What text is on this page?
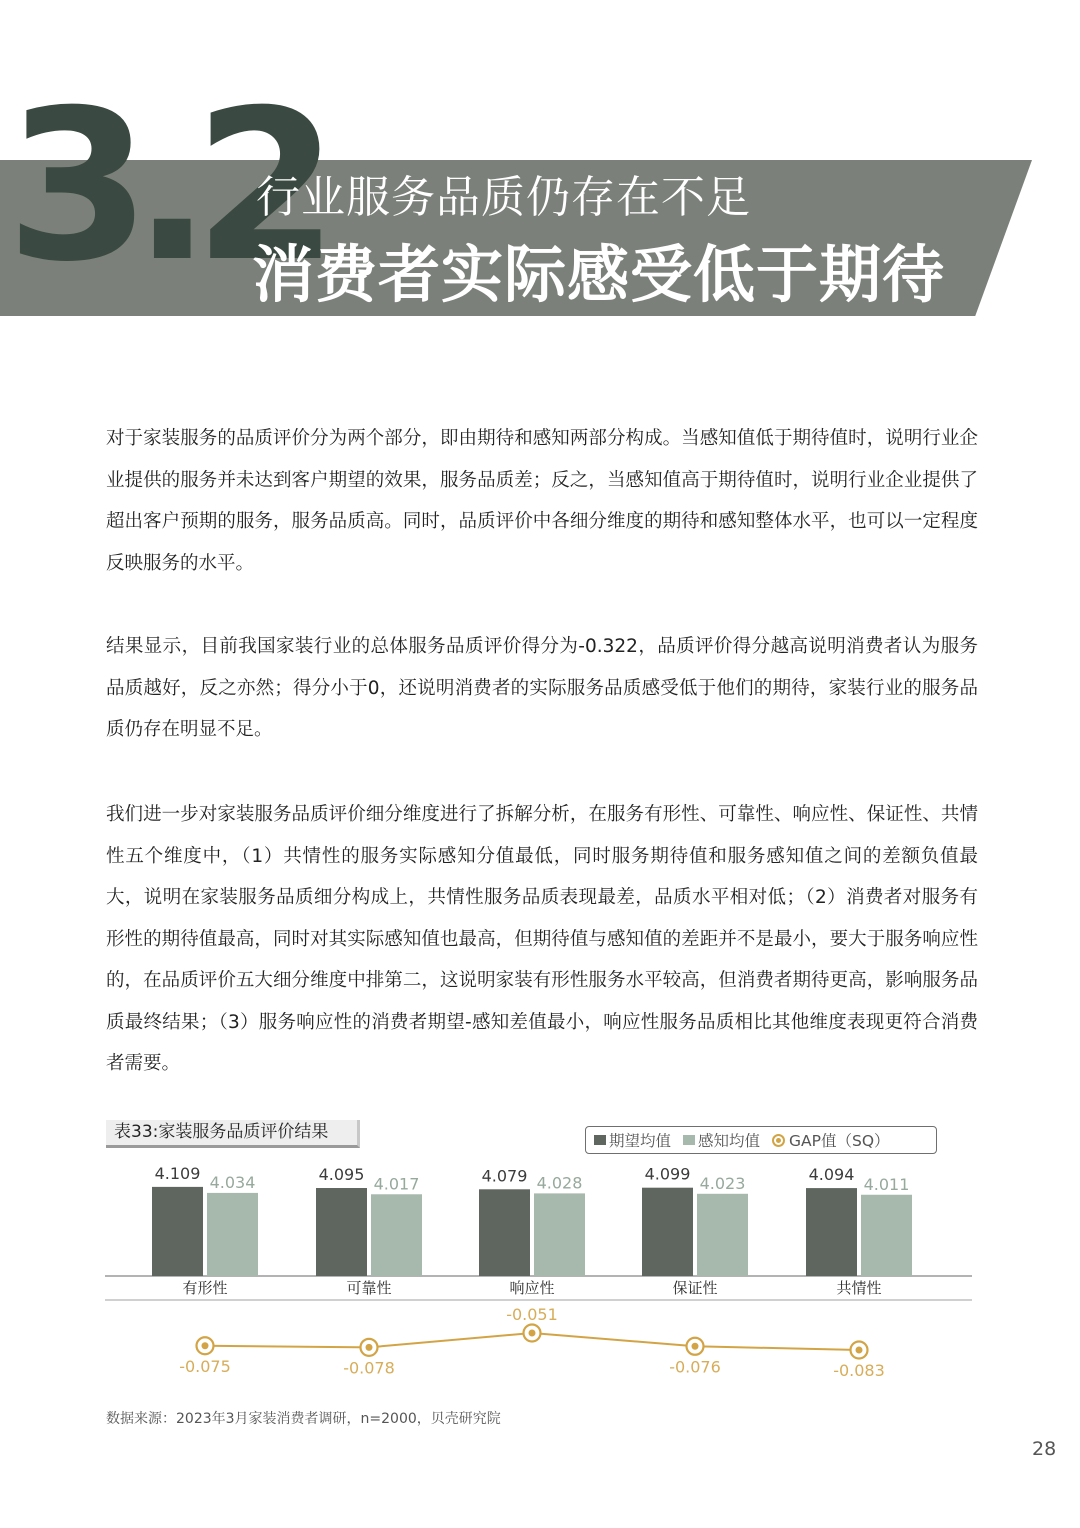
3.2
行业服务品质仍存在不足
消费者实际感受低于期待

对于家装服务的品质评价分为两个部分，即由期待和感知两部分构成。当感知值低于期待值时，说明行业企业提供的服务并未达到客户期望的效果，服务品质差；反之，当感知值高于期待值时，说明行业企业提供了超出客户预期的服务，服务品质高。同时，品质评价中各细分维度的期待和感知整体水平，也可以一定程度反映服务的水平。

结果显示，目前我国家装行业的总体服务品质评价得分为-0.322，品质评价得分越高说明消费者认为服务品质越好，反之亦然；得分小于0，还说明消费者的实际服务品质感受低于他们的期待，家装行业的服务品质仍存在明显不足。

我们进一步对家装服务品质评价细分维度进行了拆解分析，在服务有形性、可靠性、响应性、保证性、共情性五个维度中，（1）共情性的服务实际感知分值最低，同时服务期待值和服务感知值之间的差额负值最大，说明在家装服务品质细分构成上，共情性服务品质表现最差，品质水平相对低；（2）消费者对服务有形性的期待值最高，同时对其实际感知值也最高，但期待值与感知值的差距并不是最小，要大于服务响应性的，在品质评价五大细分维度中排第二，这说明家装有形性服务水平较高，但消费者期待更高，影响服务品质最终结果；（3）服务响应性的消费者期望-感知差值最小，响应性服务品质相比其他维度表现更符合消费者需要。

表33:家装服务品质评价结果	期望均值 感知均值 GAP值（SQ）
4.109 4.034
有形性
4.095 4.017
可靠性
4.079 4.028
响应性
4.099 4.023
保证性
4.094
4.011
共情性
-0.075	-0.078
-0.051
-0.076	-0.083
数据来源：2023年3月家装消费者调研，n=2000，贝壳研究院
28
